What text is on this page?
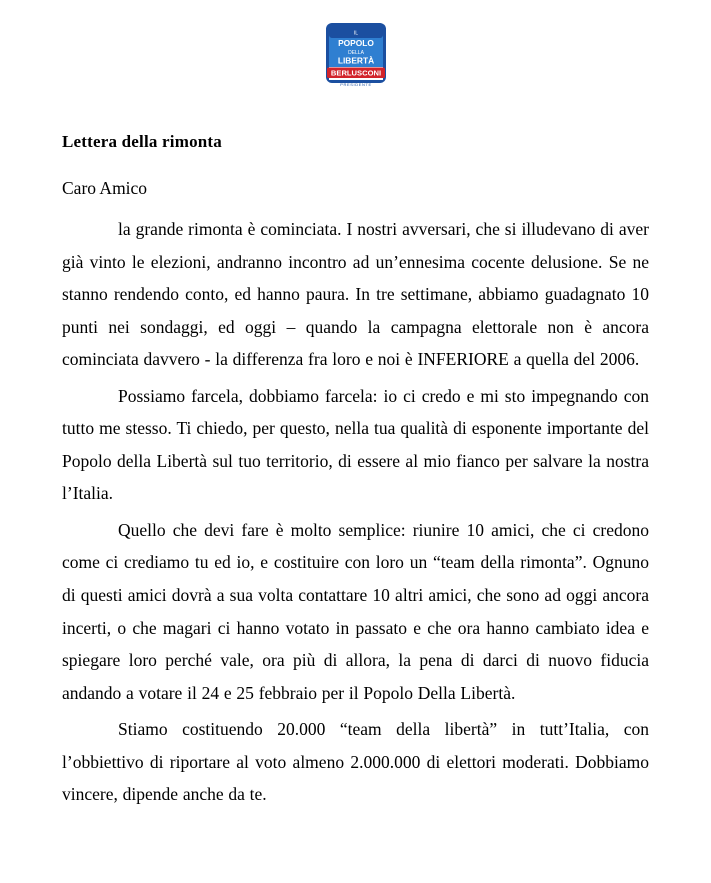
IL
POPOLO
DELLA
LIBERTÀ
BERLUSCONI
PRESIDENTE
Lettera della rimonta
Caro Amico

la grande rimonta è cominciata. I nostri avversari, che si illudevano di aver già vinto le elezioni, andranno incontro ad un’ennesima cocente delusione. Se ne stanno rendendo conto, ed hanno paura. In tre settimane, abbiamo guadagnato 10 punti nei sondaggi, ed oggi – quando la campagna elettorale non è ancora cominciata davvero - la differenza fra loro e noi è INFERIORE a quella del 2006.

Possiamo farcela, dobbiamo farcela: io ci credo e mi sto impegnando con tutto me stesso. Ti chiedo, per questo, nella tua qualità di esponente importante del Popolo della Libertà sul tuo territorio, di essere al mio fianco per salvare la nostra l’Italia.

Quello che devi fare è molto semplice: riunire 10 amici, che ci credono come ci crediamo tu ed io, e costituire con loro un “team della rimonta”. Ognuno di questi amici dovrà a sua volta contattare 10 altri amici, che sono ad oggi ancora incerti, o che magari ci hanno votato in passato e che ora hanno cambiato idea e spiegare loro perché vale, ora più di allora, la pena di darci di nuovo fiducia andando a votare il 24 e 25 febbraio per il Popolo Della Libertà.

Stiamo costituendo 20.000 “team della libertà” in tutt’Italia, con l’obbiettivo di riportare al voto almeno 2.000.000 di elettori moderati. Dobbiamo vincere, dipende anche da te.
